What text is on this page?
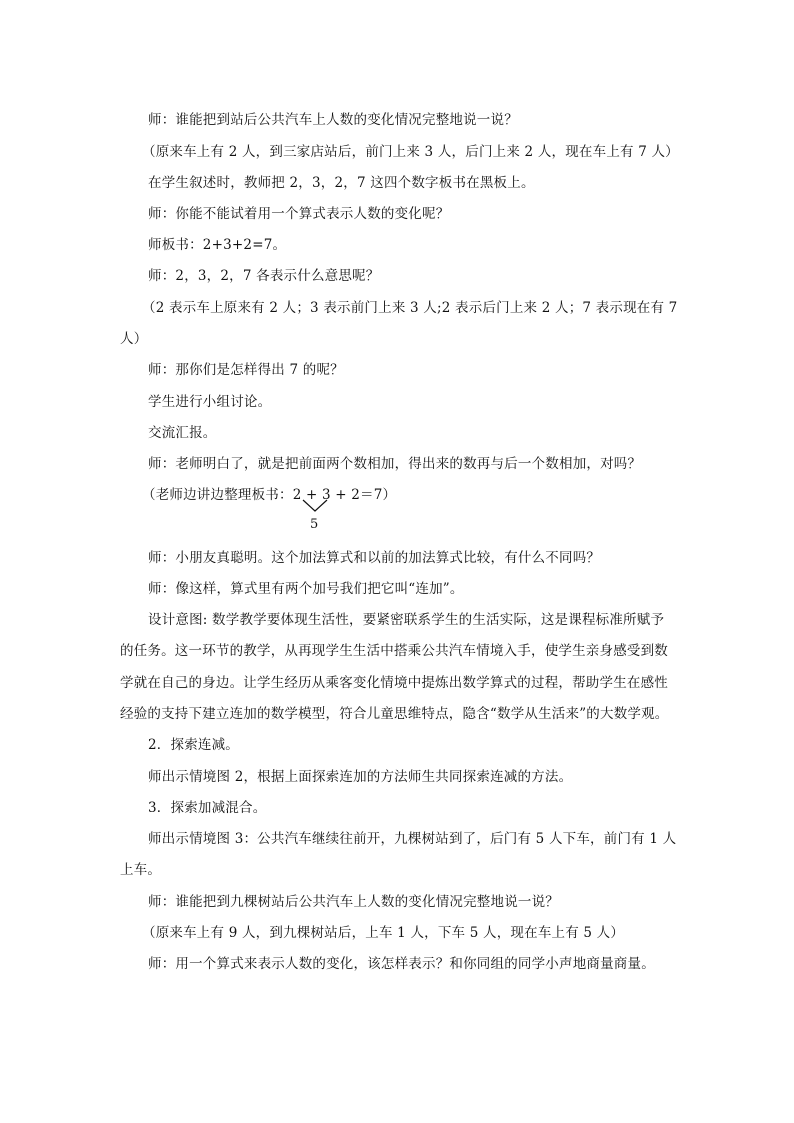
师：谁能把到站后公共汽车上人数的变化情况完整地说一说？
（原来车上有 2 人，到三家店站后，前门上来 3 人，后门上来 2 人，现在车上有 7 人）
在学生叙述时，教师把 2，3，2，7 这四个数字板书在黑板上。
师：你能不能试着用一个算式表示人数的变化呢？
师板书：2+3+2=7。
师：2，3，2，7 各表示什么意思呢？
（2 表示车上原来有 2 人；3 表示前门上来 3 人;2 表示后门上来 2 人；7 表示现在有 7
人）
师：那你们是怎样得出 7 的呢？
学生进行小组讨论。
交流汇报。
师：老师明白了，就是把前面两个数相加，得出来的数再与后一个数相加，对吗？
（老师边讲边整理板书：2 + 3 + 2＝7）
5
师：小朋友真聪明。这个加法算式和以前的加法算式比较，有什么不同吗？
师：像这样，算式里有两个加号我们把它叫“连加”。
设计意图: 数学教学要体现生活性，要紧密联系学生的生活实际，这是课程标准所赋予
的任务。这一环节的教学，从再现学生生活中搭乘公共汽车情境入手，使学生亲身感受到数
学就在自己的身边。让学生经历从乘客变化情境中提炼出数学算式的过程，帮助学生在感性
经验的支持下建立连加的数学模型，符合儿童思维特点，隐含“数学从生活来”的大数学观。
2．探索连减。
师出示情境图 2，根据上面探索连加的方法师生共同探索连减的方法。
3．探索加减混合。
师出示情境图 3：公共汽车继续往前开，九棵树站到了，后门有 5 人下车，前门有 1 人
上车。
师：谁能把到九棵树站后公共汽车上人数的变化情况完整地说一说？
（原来车上有 9 人，到九棵树站后，上车 1 人，下车 5 人，现在车上有 5 人）
师：用一个算式来表示人数的变化，该怎样表示？和你同组的同学小声地商量商量。
